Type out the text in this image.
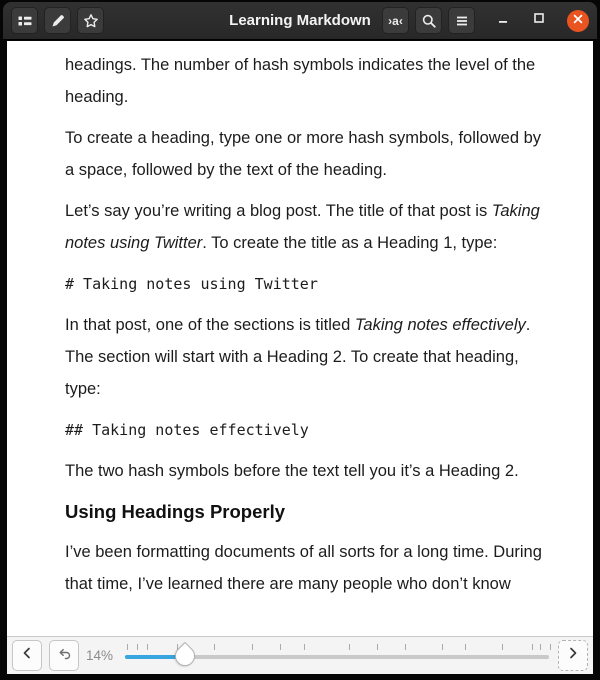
Learning Markdown	›a‹

headings. The number of hash symbols indicates the level of the heading.

To create a heading, type one or more hash symbols, followed by a space, followed by the text of the heading.

Let’s say you’re writing a blog post. The title of that post is Taking notes using Twitter. To create the title as a Heading 1, type:

# Taking notes using Twitter

In that post, one of the sections is titled Taking notes effectively. The section will start with a Heading 2. To create that heading, type:

## Taking notes effectively

The two hash symbols before the text tell you it’s a Heading 2.

Using Headings Properly

I’ve been formatting documents of all sorts for a long time. During that time, I’ve learned there are many people who don’t know

14%
